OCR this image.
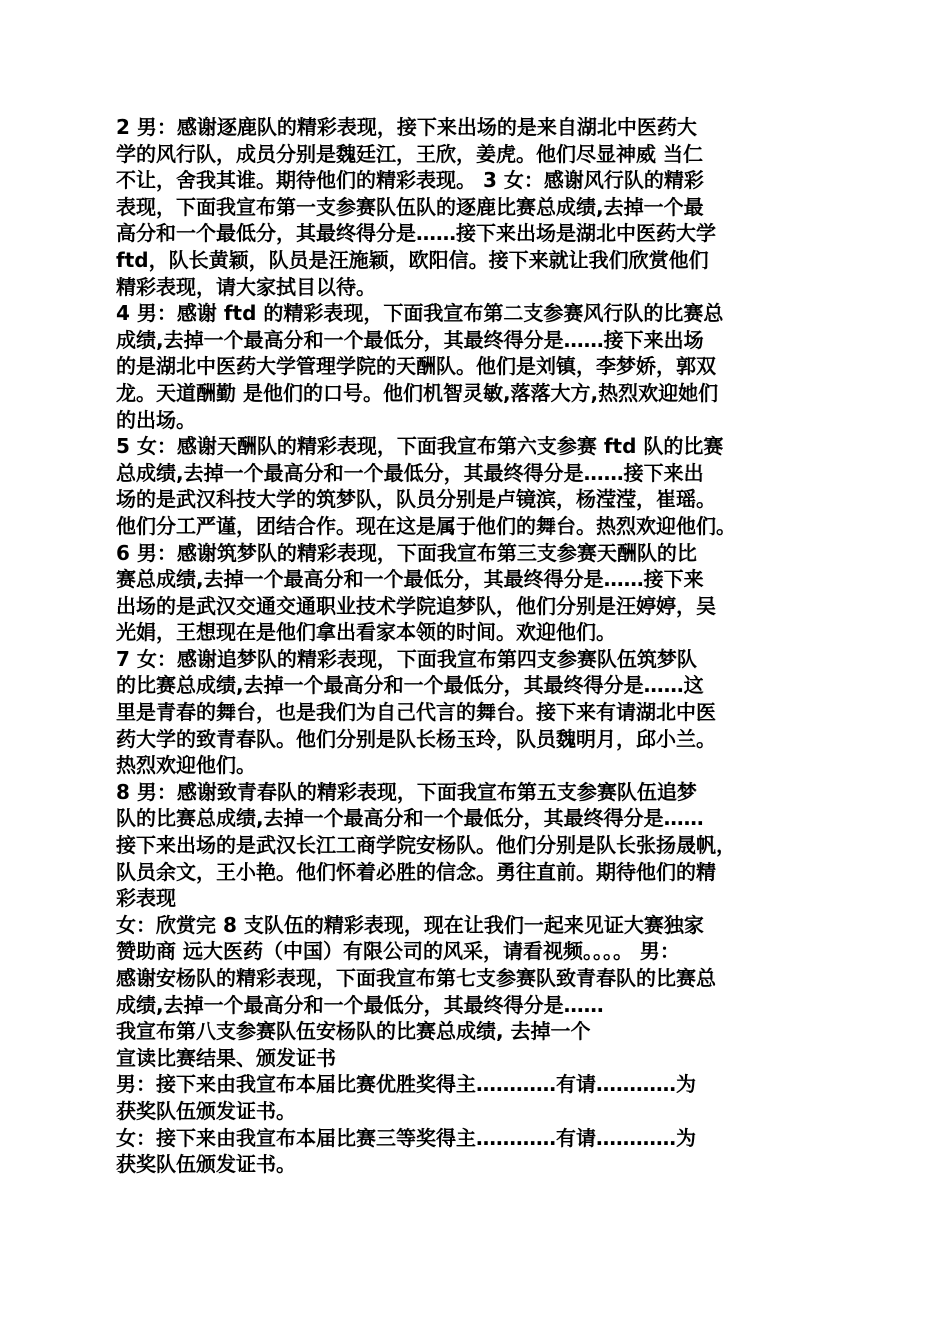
2 男：感谢逐鹿队的精彩表现，接下来出场的是来自湖北中医药大
学的风行队，成员分别是魏廷江，王欣，姜虎。他们尽显神威 当仁
不让，舍我其谁。期待他们的精彩表现。 3 女：感谢风行队的精彩
表现，下面我宣布第一支参赛队伍队的逐鹿比赛总成绩,去掉一个最
高分和一个最低分，其最终得分是……接下来出场是湖北中医药大学
ftd，队长黄颖，队员是汪施颖，欧阳信。接下来就让我们欣赏他们
精彩表现，请大家拭目以待。
4 男：感谢 ftd 的精彩表现，下面我宣布第二支参赛风行队的比赛总
成绩,去掉一个最高分和一个最低分，其最终得分是……接下来出场
的是湖北中医药大学管理学院的天酬队。他们是刘镇，李梦娇，郭双
龙。天道酬勤 是他们的口号。他们机智灵敏,落落大方,热烈欢迎她们
的出场。
5 女：感谢天酬队的精彩表现，下面我宣布第六支参赛 ftd 队的比赛
总成绩,去掉一个最高分和一个最低分，其最终得分是……接下来出
场的是武汉科技大学的筑梦队，队员分别是卢镜滨，杨滢滢，崔瑶。
他们分工严谨，团结合作。现在这是属于他们的舞台。热烈欢迎他们。
6 男：感谢筑梦队的精彩表现，下面我宣布第三支参赛天酬队的比
赛总成绩,去掉一个最高分和一个最低分，其最终得分是……接下来
出场的是武汉交通交通职业技术学院追梦队，他们分别是汪婷婷，吴
光娟，王想现在是他们拿出看家本领的时间。欢迎他们。
7 女：感谢追梦队的精彩表现，下面我宣布第四支参赛队伍筑梦队
的比赛总成绩,去掉一个最高分和一个最低分，其最终得分是……这
里是青春的舞台，也是我们为自己代言的舞台。接下来有请湖北中医
药大学的致青春队。他们分别是队长杨玉玲，队员魏明月，邱小兰。
热烈欢迎他们。
8 男：感谢致青春队的精彩表现，下面我宣布第五支参赛队伍追梦
队的比赛总成绩,去掉一个最高分和一个最低分，其最终得分是……
接下来出场的是武汉长江工商学院安杨队。他们分别是队长张扬晟帆，
队员余文，王小艳。他们怀着必胜的信念。勇往直前。期待他们的精
彩表现
女：欣赏完 8 支队伍的精彩表现，现在让我们一起来见证大赛独家
赞助商 远大医药（中国）有限公司的风采，请看视频。。。。 男：
感谢安杨队的精彩表现，下面我宣布第七支参赛队致青春队的比赛总
成绩,去掉一个最高分和一个最低分，其最终得分是……
我宣布第八支参赛队伍安杨队的比赛总成绩, 去掉一个
宣读比赛结果、颁发证书
男：接下来由我宣布本届比赛优胜奖得主…………有请…………为
获奖队伍颁发证书。
女：接下来由我宣布本届比赛三等奖得主…………有请…………为
获奖队伍颁发证书。
